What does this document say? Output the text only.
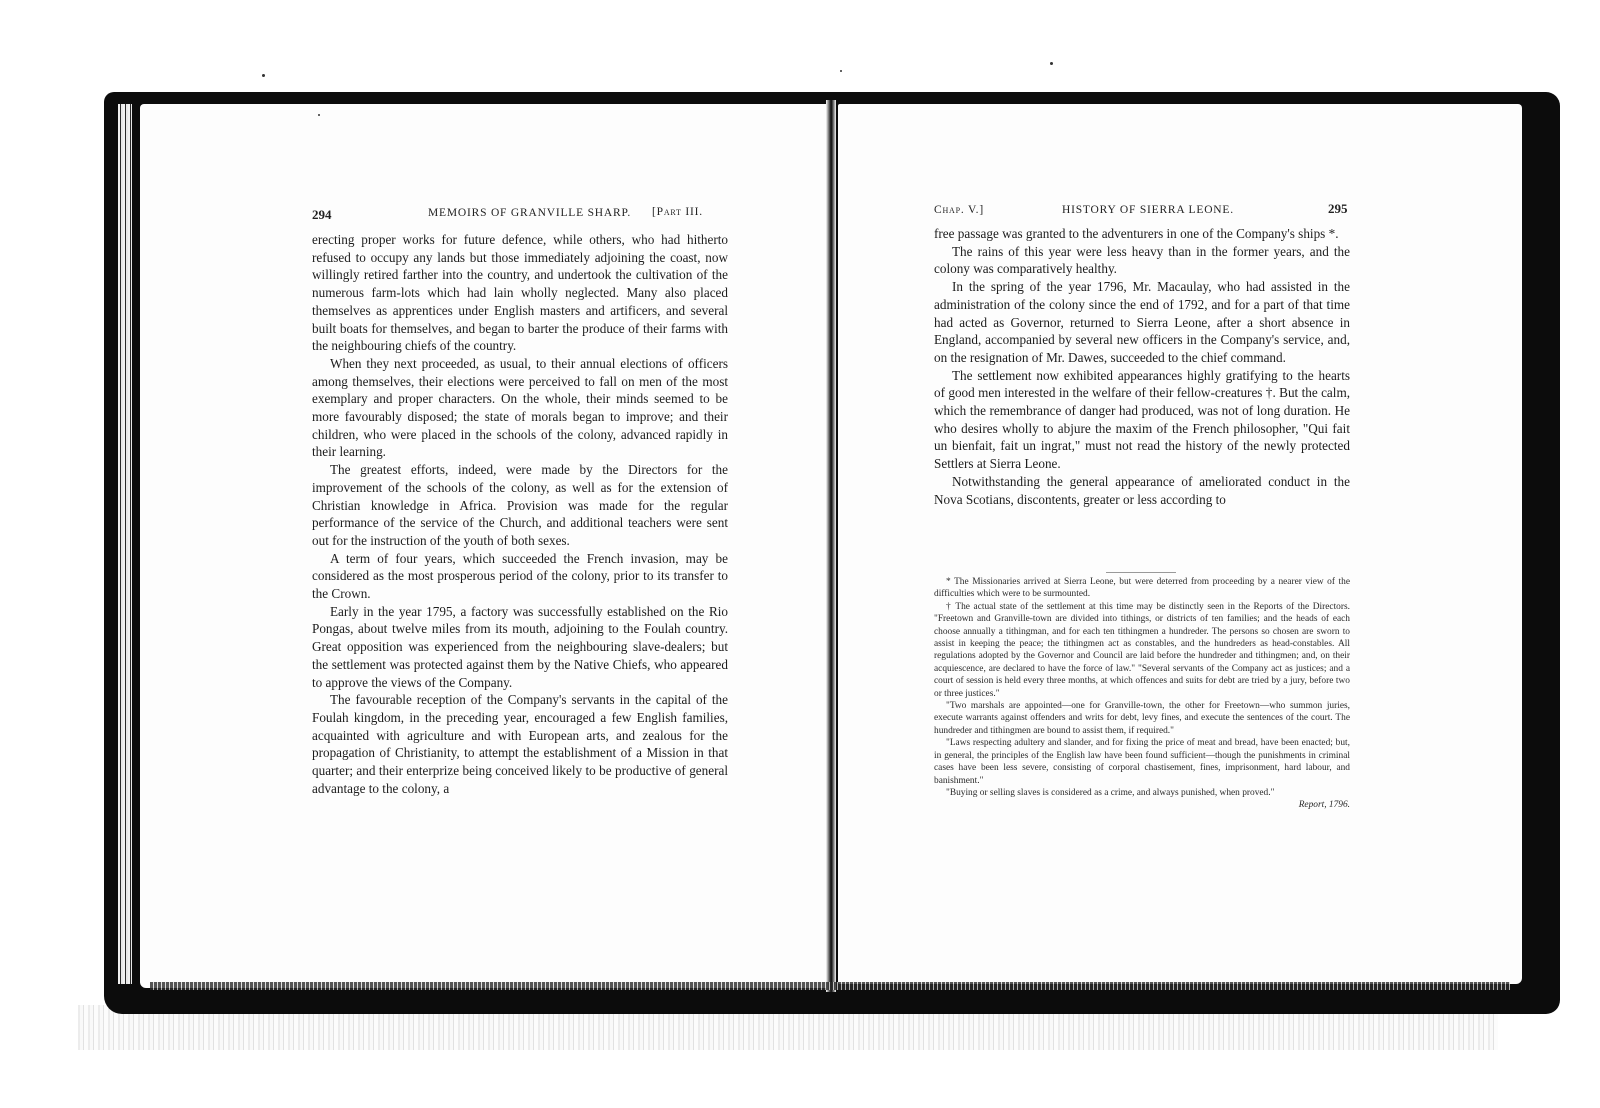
294	MEMOIRS OF GRANVILLE SHARP. [Part III.

erecting proper works for future defence, while others, who had hitherto refused to occupy any lands but those immediately adjoining the coast, now willingly retired farther into the country, and undertook the cultivation of the numerous farm-lots which had lain wholly neglected. Many also placed themselves as apprentices under English masters and artificers, and several built boats for themselves, and began to barter the produce of their farms with the neighbouring chiefs of the country.

When they next proceeded, as usual, to their annual elections of officers among themselves, their elections were perceived to fall on men of the most exemplary and proper characters. On the whole, their minds seemed to be more favourably disposed; the state of morals began to improve; and their children, who were placed in the schools of the colony, advanced rapidly in their learning.

The greatest efforts, indeed, were made by the Directors for the improvement of the schools of the colony, as well as for the extension of Christian knowledge in Africa. Provision was made for the regular performance of the service of the Church, and additional teachers were sent out for the instruction of the youth of both sexes.

A term of four years, which succeeded the French invasion, may be considered as the most prosperous period of the colony, prior to its transfer to the Crown.

Early in the year 1795, a factory was successfully established on the Rio Pongas, about twelve miles from its mouth, adjoining to the Foulah country. Great opposition was experienced from the neighbouring slave-dealers; but the settlement was protected against them by the Native Chiefs, who appeared to approve the views of the Company.

The favourable reception of the Company's servants in the capital of the Foulah kingdom, in the preceding year, encouraged a few English families, acquainted with agriculture and with European arts, and zealous for the propagation of Christianity, to attempt the establishment of a Mission in that quarter; and their enterprize being conceived likely to be productive of general advantage to the colony, a

Chap. V.]	HISTORY OF SIERRA LEONE.	295

free passage was granted to the adventurers in one of the Company's ships *.

The rains of this year were less heavy than in the former years, and the colony was comparatively healthy.

In the spring of the year 1796, Mr. Macaulay, who had assisted in the administration of the colony since the end of 1792, and for a part of that time had acted as Governor, returned to Sierra Leone, after a short absence in England, accompanied by several new officers in the Company's service, and, on the resignation of Mr. Dawes, succeeded to the chief command.

The settlement now exhibited appearances highly gratifying to the hearts of good men interested in the welfare of their fellow-creatures †. But the calm, which the remembrance of danger had produced, was not of long duration. He who desires wholly to abjure the maxim of the French philosopher, "Qui fait un bienfait, fait un ingrat," must not read the history of the newly protected Settlers at Sierra Leone.

Notwithstanding the general appearance of ameliorated conduct in the Nova Scotians, discontents, greater or less according to

* The Missionaries arrived at Sierra Leone, but were deterred from proceeding by a nearer view of the difficulties which were to be surmounted.

† The actual state of the settlement at this time may be distinctly seen in the Reports of the Directors. "Freetown and Granville-town are divided into tithings, or districts of ten families; and the heads of each choose annually a tithingman, and for each ten tithingmen a hundreder. The persons so chosen are sworn to assist in keeping the peace; the tithingmen act as constables, and the hundreders as head-constables. All regulations adopted by the Governor and Council are laid before the hundreder and tithingmen; and, on their acquiescence, are declared to have the force of law." "Several servants of the Company act as justices; and a court of session is held every three months, at which offences and suits for debt are tried by a jury, before two or three justices."

"Two marshals are appointed—one for Granville-town, the other for Freetown—who summon juries, execute warrants against offenders and writs for debt, levy fines, and execute the sentences of the court. The hundreder and tithingmen are bound to assist them, if required."

"Laws respecting adultery and slander, and for fixing the price of meat and bread, have been enacted; but, in general, the principles of the English law have been found sufficient—though the punishments in criminal cases have been less severe, consisting of corporal chastisement, fines, imprisonment, hard labour, and banishment."

"Buying or selling slaves is considered as a crime, and always punished, when proved."

Report, 1796.
